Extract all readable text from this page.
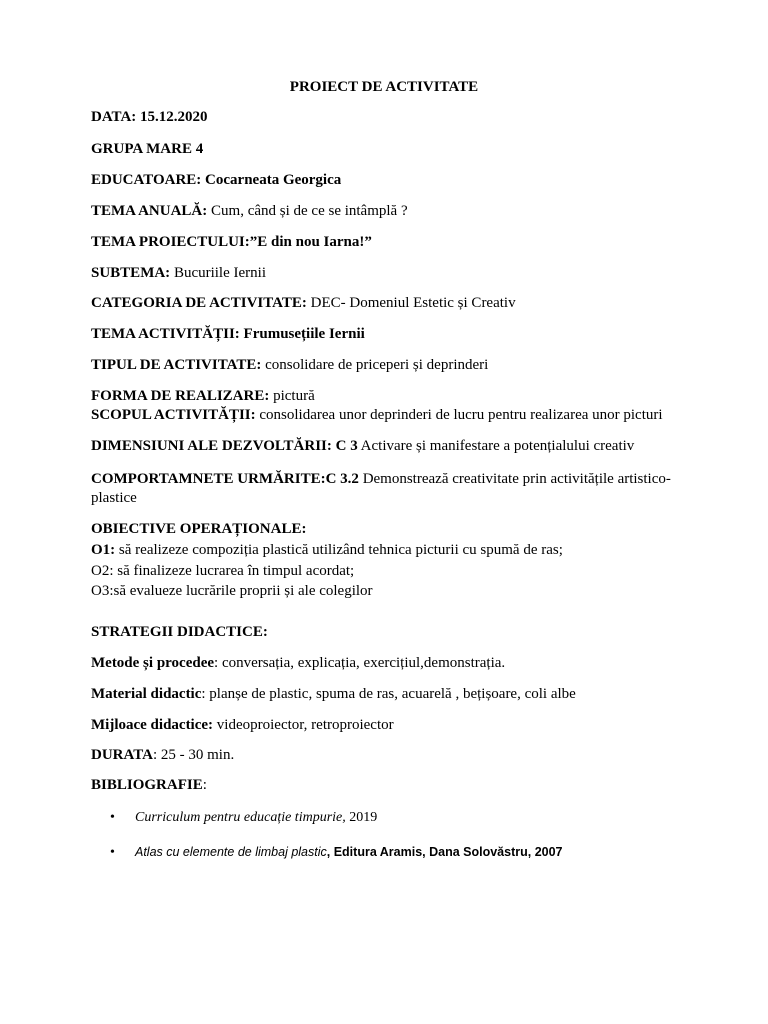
PROIECT DE ACTIVITATE
DATA: 15.12.2020
GRUPA MARE 4
EDUCATOARE: Cocarneata Georgica
TEMA ANUALĂ: Cum, când și de ce se intâmplă ?
TEMA PROIECTULUI:”E din nou Iarna!”
SUBTEMA: Bucuriile Iernii
CATEGORIA DE ACTIVITATE: DEC- Domeniul Estetic și Creativ
TEMA ACTIVITĂȚII: Frumusețiile Iernii
TIPUL DE ACTIVITATE: consolidare de priceperi și deprinderi
FORMA DE REALIZARE: pictură
SCOPUL ACTIVITĂȚII: consolidarea unor deprinderi de lucru pentru realizarea unor picturi
DIMENSIUNI ALE DEZVOLTĂRII: C 3 Activare și manifestare a potențialului creativ
COMPORTAMNETE URMĂRITE:C 3.2 Demonstrează creativitate prin activitățile artistico-
plastice
OBIECTIVE OPERAȚIONALE:
O1: să realizeze compoziția plastică utilizând tehnica picturii cu spumă de ras;
O2: să finalizeze lucrarea în timpul acordat;
O3:să evalueze lucrările proprii și ale colegilor
STRATEGII DIDACTICE:
Metode și procedee: conversația, explicația, exercițiul,demonstrația.
Material didactic: planșe de plastic, spuma de ras, acuarelă , bețișoare, coli albe
Mijloace didactice: videoproiector, retroproiector
DURATA: 25 - 30 min.
BIBLIOGRAFIE:
• Curriculum pentru educație timpurie, 2019
• Atlas cu elemente de limbaj plastic, Editura Aramis, Dana Solovăstru, 2007
